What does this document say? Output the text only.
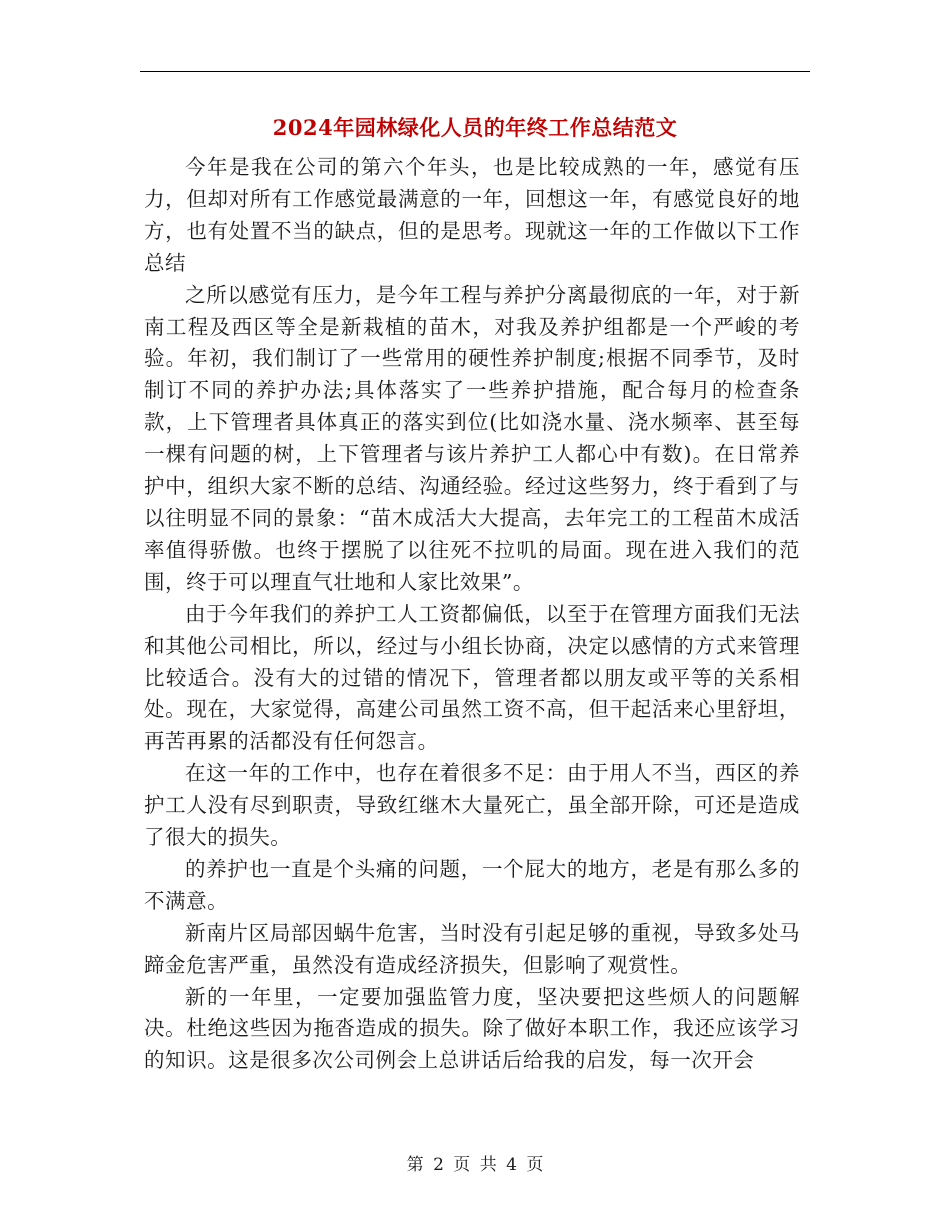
2024年园林绿化人员的年终工作总结范文

今年是我在公司的第六个年头，也是比较成熟的一年，感觉有压力，但却对所有工作感觉最满意的一年，回想这一年，有感觉良好的地方，也有处置不当的缺点，但的是思考。现就这一年的工作做以下工作总结

之所以感觉有压力，是今年工程与养护分离最彻底的一年，对于新南工程及西区等全是新栽植的苗木，对我及养护组都是一个严峻的考验。年初，我们制订了一些常用的硬性养护制度;根据不同季节，及时制订不同的养护办法;具体落实了一些养护措施，配合每月的检查条款，上下管理者具体真正的落实到位(比如浇水量、浇水频率、甚至每一棵有问题的树，上下管理者与该片养护工人都心中有数)。在日常养护中，组织大家不断的总结、沟通经验。经过这些努力，终于看到了与以往明显不同的景象：“苗木成活大大提高，去年完工的工程苗木成活率值得骄傲。也终于摆脱了以往死不拉叽的局面。现在进入我们的范围，终于可以理直气壮地和人家比效果”。

由于今年我们的养护工人工资都偏低，以至于在管理方面我们无法和其他公司相比，所以，经过与小组长协商，决定以感情的方式来管理比较适合。没有大的过错的情况下，管理者都以朋友或平等的关系相处。现在，大家觉得，高建公司虽然工资不高，但干起活来心里舒坦，再苦再累的活都没有任何怨言。

在这一年的工作中，也存在着很多不足：由于用人不当，西区的养护工人没有尽到职责，导致红继木大量死亡，虽全部开除，可还是造成了很大的损失。

的养护也一直是个头痛的问题，一个屁大的地方，老是有那么多的不满意。

新南片区局部因蜗牛危害，当时没有引起足够的重视，导致多处马蹄金危害严重，虽然没有造成经济损失，但影响了观赏性。

新的一年里，一定要加强监管力度，坚决要把这些烦人的问题解决。杜绝这些因为拖沓造成的损失。除了做好本职工作，我还应该学习的知识。这是很多次公司例会上总讲话后给我的启发，每一次开会

第 2 页 共 4 页
